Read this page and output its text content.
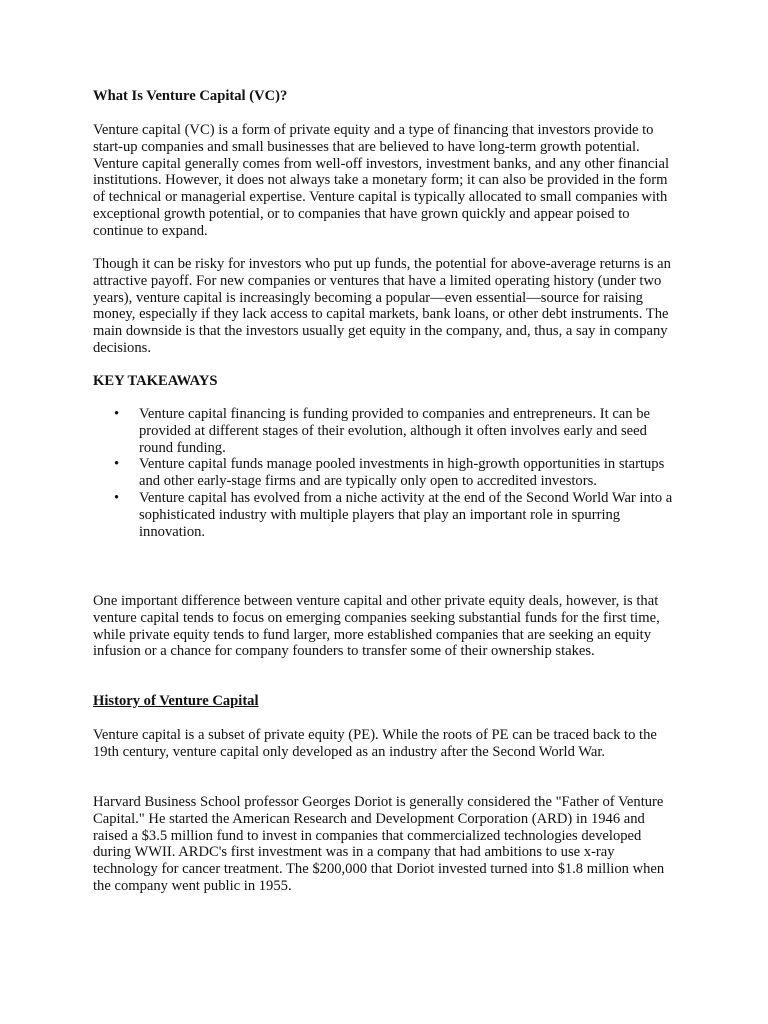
What Is Venture Capital (VC)?

Venture capital (VC) is a form of private equity and a type of financing that investors provide to start-up companies and small businesses that are believed to have long-term growth potential. Venture capital generally comes from well-off investors, investment banks, and any other financial institutions. However, it does not always take a monetary form; it can also be provided in the form of technical or managerial expertise. Venture capital is typically allocated to small companies with exceptional growth potential, or to companies that have grown quickly and appear poised to continue to expand.

Though it can be risky for investors who put up funds, the potential for above-average returns is an attractive payoff. For new companies or ventures that have a limited operating history (under two years), venture capital is increasingly becoming a popular—even essential—source for raising money, especially if they lack access to capital markets, bank loans, or other debt instruments. The main downside is that the investors usually get equity in the company, and, thus, a say in company decisions.

KEY TAKEAWAYS
• Venture capital financing is funding provided to companies and entrepreneurs. It can be provided at different stages of their evolution, although it often involves early and seed round funding.
• Venture capital funds manage pooled investments in high-growth opportunities in startups and other early-stage firms and are typically only open to accredited investors.
• Venture capital has evolved from a niche activity at the end of the Second World War into a sophisticated industry with multiple players that play an important role in spurring innovation.

One important difference between venture capital and other private equity deals, however, is that venture capital tends to focus on emerging companies seeking substantial funds for the first time, while private equity tends to fund larger, more established companies that are seeking an equity infusion or a chance for company founders to transfer some of their ownership stakes.

History of Venture Capital

Venture capital is a subset of private equity (PE). While the roots of PE can be traced back to the 19th century, venture capital only developed as an industry after the Second World War.

Harvard Business School professor Georges Doriot is generally considered the "Father of Venture Capital." He started the American Research and Development Corporation (ARD) in 1946 and raised a $3.5 million fund to invest in companies that commercialized technologies developed during WWII. ARDC's first investment was in a company that had ambitions to use x-ray technology for cancer treatment. The $200,000 that Doriot invested turned into $1.8 million when the company went public in 1955.
